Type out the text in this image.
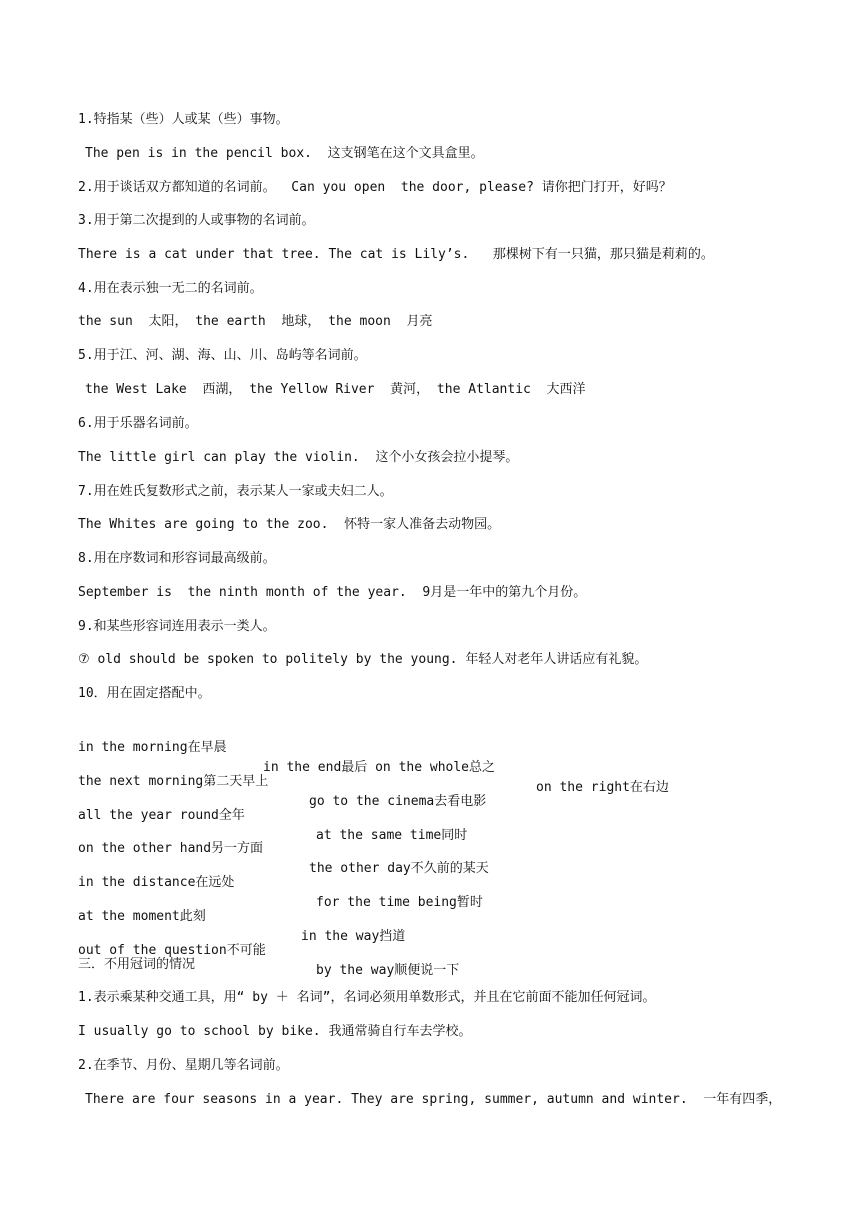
1.特指某（些）人或某（些）事物。
The pen is in the pencil box.  这支钢笔在这个文具盒里。
2.用于谈话双方都知道的名词前。  Can you open  the door, please? 请你把门打开，好吗？
3.用于第二次提到的人或事物的名词前。
There is a cat under that tree. The cat is Lily’s.   那棵树下有一只猫，那只猫是莉莉的。
4.用在表示独一无二的名词前。
the sun  太阳， the earth  地球， the moon  月亮
5.用于江、河、湖、海、山、川、岛屿等名词前。
the West Lake  西湖， the Yellow River  黄河， the Atlantic  大西洋
6.用于乐器名词前。
The little girl can play the violin.  这个小女孩会拉小提琴。
7.用在姓氏复数形式之前，表示某人一家或夫妇二人。
The Whites are going to the zoo.  怀特一家人准备去动物园。
8.用在序数词和形容词最高级前。
September is  the ninth month of the year.  9月是一年中的第九个月份。
9.和某些形容词连用表示一类人。
⑦ old should be spoken to politely by the young. 年轻人对老年人讲话应有礼貌。
10．用在固定搭配中。

in the morning在早晨

in the end最后 on the whole总之

on the right在右边

the next morning第二天早上

go to the cinema去看电影

all the year round全年

at the same time同时

on the other hand另一方面

the other day不久前的某天

in the distance在远处

for the time being暂时

at the moment此刻

in the way挡道

out of the question不可能

by the way顺便说一下

三．不用冠词的情况
1.表示乘某种交通工具，用“ by ＋ 名词”，名词必须用单数形式，并且在它前面不能加任何冠词。
I usually go to school by bike. 我通常骑自行车去学校。
2.在季节、月份、星期几等名词前。
There are four seasons in a year. They are spring, summer, autumn and winter.  一年有四季，
